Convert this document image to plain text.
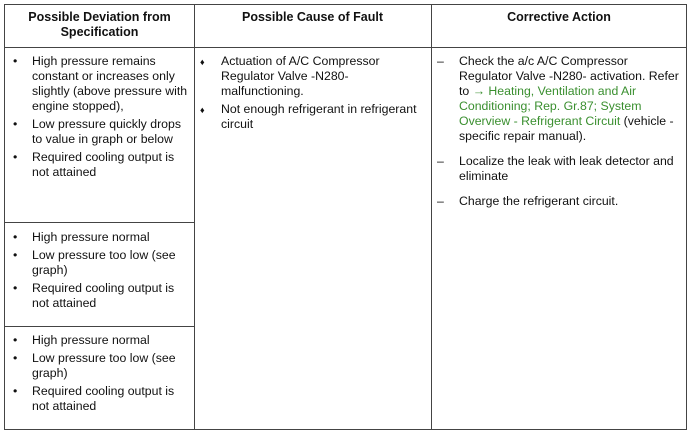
Possible Deviation from Specification
Possible Cause of Fault	Corrective Action
• High pressure remains constant or increases only slightly (above pressure with engine stopped),
• Low pressure quickly drops to value in graph or below
• Required cooling output is not attained
• High pressure normal
• Low pressure too low (see graph)
• Required cooling output is not attained
• High pressure normal
• Low pressure too low (see graph)
• Required cooling output is not attained
♦ Actuation of A/C Compressor Regulator Valve -N280- malfunctioning.
♦ Not enough refrigerant in refrigerant circuit
– Check the a/c A/C Compressor Regulator Valve -N280- activation. Refer to → Heating, Ventilation and Air Conditioning; Rep. Gr.87; System Overview - Refrigerant Circuit (vehicle -specific repair manual).
– Localize the leak with leak detector and eliminate
– Charge the refrigerant circuit.
